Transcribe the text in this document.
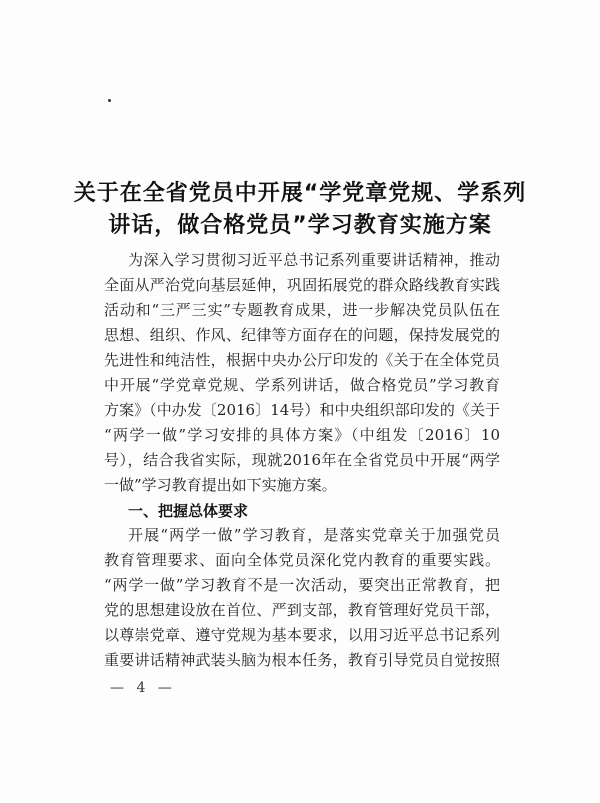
关于在全省党员中开展“学党章党规、学系列
讲话，做合格党员”学习教育实施方案

为深入学习贯彻习近平总书记系列重要讲话精神，推动

全面从严治党向基层延伸，巩固拓展党的群众路线教育实践

活动和“三严三实”专题教育成果，进一步解决党员队伍在

思想、组织、作风、纪律等方面存在的问题，保持发展党的

先进性和纯洁性，根据中央办公厅印发的《关于在全体党员

中开展“学党章党规、学系列讲话，做合格党员”学习教育

方案》（中办发〔2016〕14号）和中央组织部印发的《关于

“两学一做”学习安排的具体方案》（中组发〔2016〕10

号），结合我省实际，现就2016年在全省党员中开展“两学

一做”学习教育提出如下实施方案。

一、把握总体要求

开展“两学一做”学习教育，是落实党章关于加强党员

教育管理要求、面向全体党员深化党内教育的重要实践。

“两学一做”学习教育不是一次活动，要突出正常教育，把

党的思想建设放在首位、严到支部，教育管理好党员干部，

以尊崇党章、遵守党规为基本要求，以用习近平总书记系列

重要讲话精神武装头脑为根本任务，教育引导党员自觉按照

— 4 —
